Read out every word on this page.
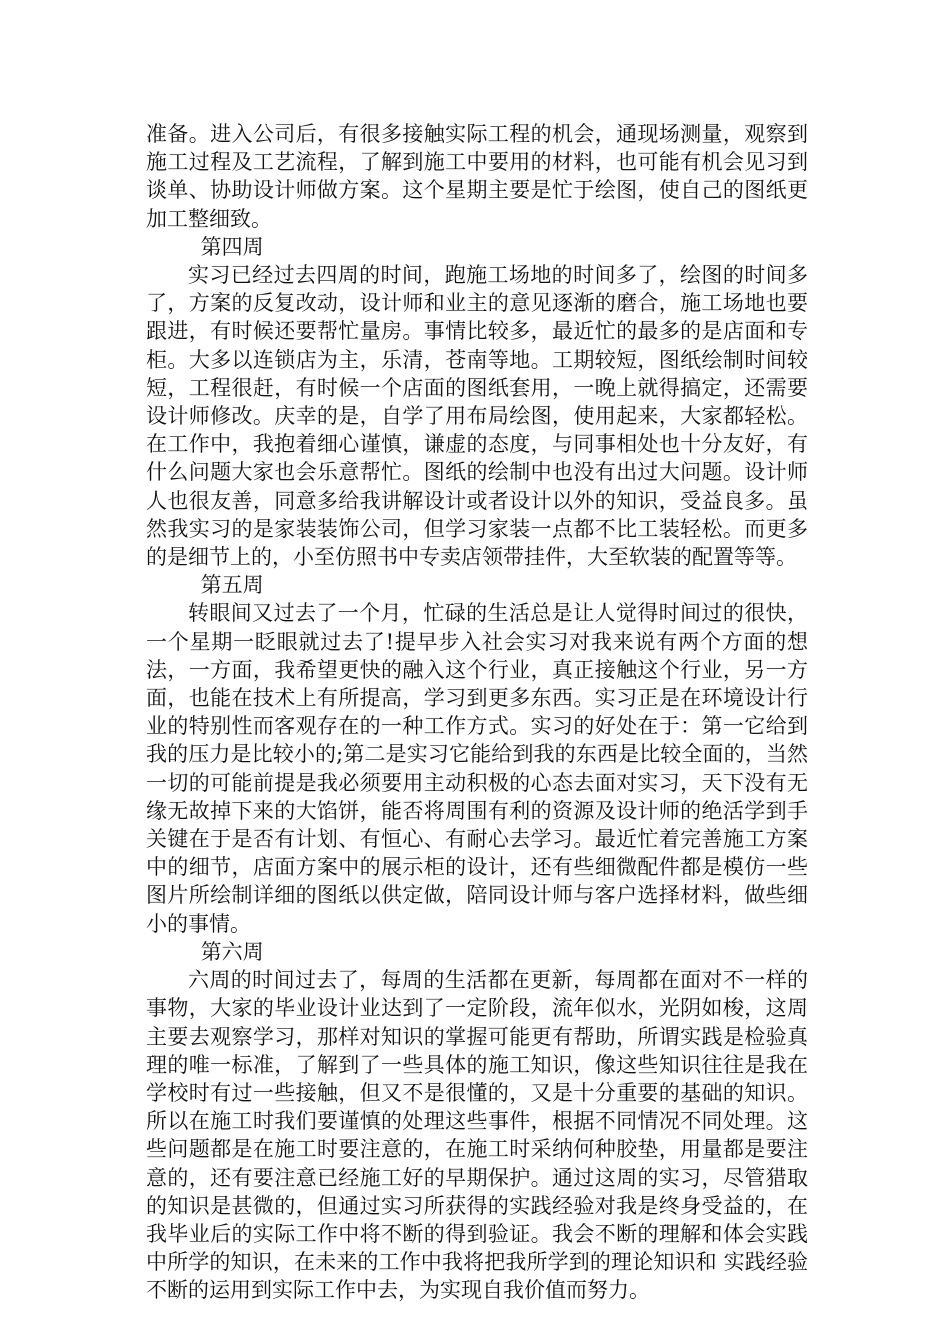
准备。进入公司后，有很多接触实际工程的机会，通现场测量，观察到施工过程及工艺流程，了解到施工中要用的材料，也可能有机会见习到谈单、协助设计师做方案。这个星期主要是忙于绘图，使自己的图纸更加工整细致。

第四周

实习已经过去四周的时间，跑施工场地的时间多了，绘图的时间多了，方案的反复改动，设计师和业主的意见逐渐的磨合，施工场地也要跟进，有时候还要帮忙量房。事情比较多，最近忙的最多的是店面和专柜。大多以连锁店为主，乐清，苍南等地。工期较短，图纸绘制时间较短，工程很赶，有时候一个店面的图纸套用，一晚上就得搞定，还需要设计师修改。庆幸的是，自学了用布局绘图，使用起来，大家都轻松。在工作中，我抱着细心谨慎，谦虚的态度，与同事相处也十分友好，有什么问题大家也会乐意帮忙。图纸的绘制中也没有出过大问题。设计师人也很友善，同意多给我讲解设计或者设计以外的知识，受益良多。虽然我实习的是家装装饰公司，但学习家装一点都不比工装轻松。而更多的是细节上的，小至仿照书中专卖店领带挂件，大至软装的配置等等。

第五周

转眼间又过去了一个月，忙碌的生活总是让人觉得时间过的很快，一个星期一眨眼就过去了!提早步入社会实习对我来说有两个方面的想法，一方面，我希望更快的融入这个行业，真正接触这个行业，另一方面，也能在技术上有所提高，学习到更多东西。实习正是在环境设计行业的特别性而客观存在的一种工作方式。实习的好处在于：第一它给到我的压力是比较小的;第二是实习它能给到我的东西是比较全面的，当然一切的可能前提是我必须要用主动积极的心态去面对实习，天下没有无缘无故掉下来的大馅饼，能否将周围有利的资源及设计师的绝活学到手关键在于是否有计划、有恒心、有耐心去学习。最近忙着完善施工方案中的细节，店面方案中的展示柜的设计，还有些细微配件都是模仿一些图片所绘制详细的图纸以供定做，陪同设计师与客户选择材料，做些细小的事情。

第六周

六周的时间过去了，每周的生活都在更新，每周都在面对不一样的事物，大家的毕业设计业达到了一定阶段，流年似水，光阴如梭，这周主要去观察学习，那样对知识的掌握可能更有帮助，所谓实践是检验真理的唯一标准，了解到了一些具体的施工知识，像这些知识往往是我在学校时有过一些接触，但又不是很懂的，又是十分重要的基础的知识。所以在施工时我们要谨慎的处理这些事件，根据不同情况不同处理。这些问题都是在施工时要注意的，在施工时采纳何种胶垫，用量都是要注意的，还有要注意已经施工好的早期保护。通过这周的实习，尽管猎取的知识是甚微的，但通过实习所获得的实践经验对我是终身受益的，在我毕业后的实际工作中将不断的得到验证。我会不断的理解和体会实践中所学的知识，在未来的工作中我将把我所学到的理论知识和 实践经验不断的运用到实际工作中去，为实现自我价值而努力。
